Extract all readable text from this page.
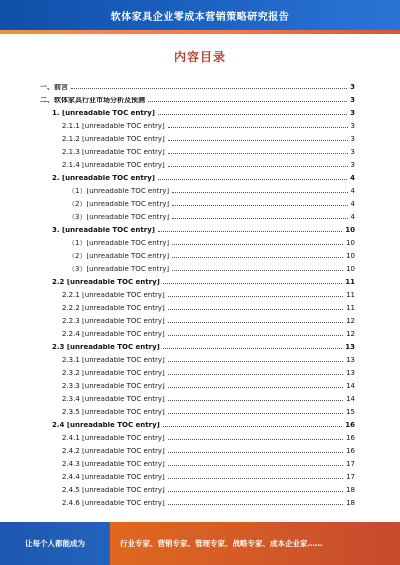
软体家具企业零成本营销策略研究报告
内容目录
一、前言	3
二、软体家具行业市场分析及预测	3
1. [unreadable TOC entry]	3
2.1.1 [unreadable TOC entry]	3
2.1.2 [unreadable TOC entry]	3
2.1.3 [unreadable TOC entry]	3
2.1.4 [unreadable TOC entry]	3
2. [unreadable TOC entry]	4
（1）[unreadable TOC entry]	4
（2）[unreadable TOC entry]	4
（3）[unreadable TOC entry]	4
3. [unreadable TOC entry]	10
（1）[unreadable TOC entry]	10
（2）[unreadable TOC entry]	10
（3）[unreadable TOC entry]	10
2.2 [unreadable TOC entry]	11
2.2.1 [unreadable TOC entry]	11
2.2.2 [unreadable TOC entry]	11
2.2.3 [unreadable TOC entry]	12
2.2.4 [unreadable TOC entry]	12
2.3 [unreadable TOC entry]	13
2.3.1 [unreadable TOC entry]	13
2.3.2 [unreadable TOC entry]	13
2.3.3 [unreadable TOC entry]	14
2.3.4 [unreadable TOC entry]	14
2.3.5 [unreadable TOC entry]	15
2.4 [unreadable TOC entry]	16
2.4.1 [unreadable TOC entry]	16
2.4.2 [unreadable TOC entry]	16
2.4.3 [unreadable TOC entry]	17
2.4.4 [unreadable TOC entry]	17
2.4.5 [unreadable TOC entry]	18
2.4.6 [unreadable TOC entry]	18
让每个人都能成为	行业专家、营销专家、管理专家、战略专家、成本企业家……
